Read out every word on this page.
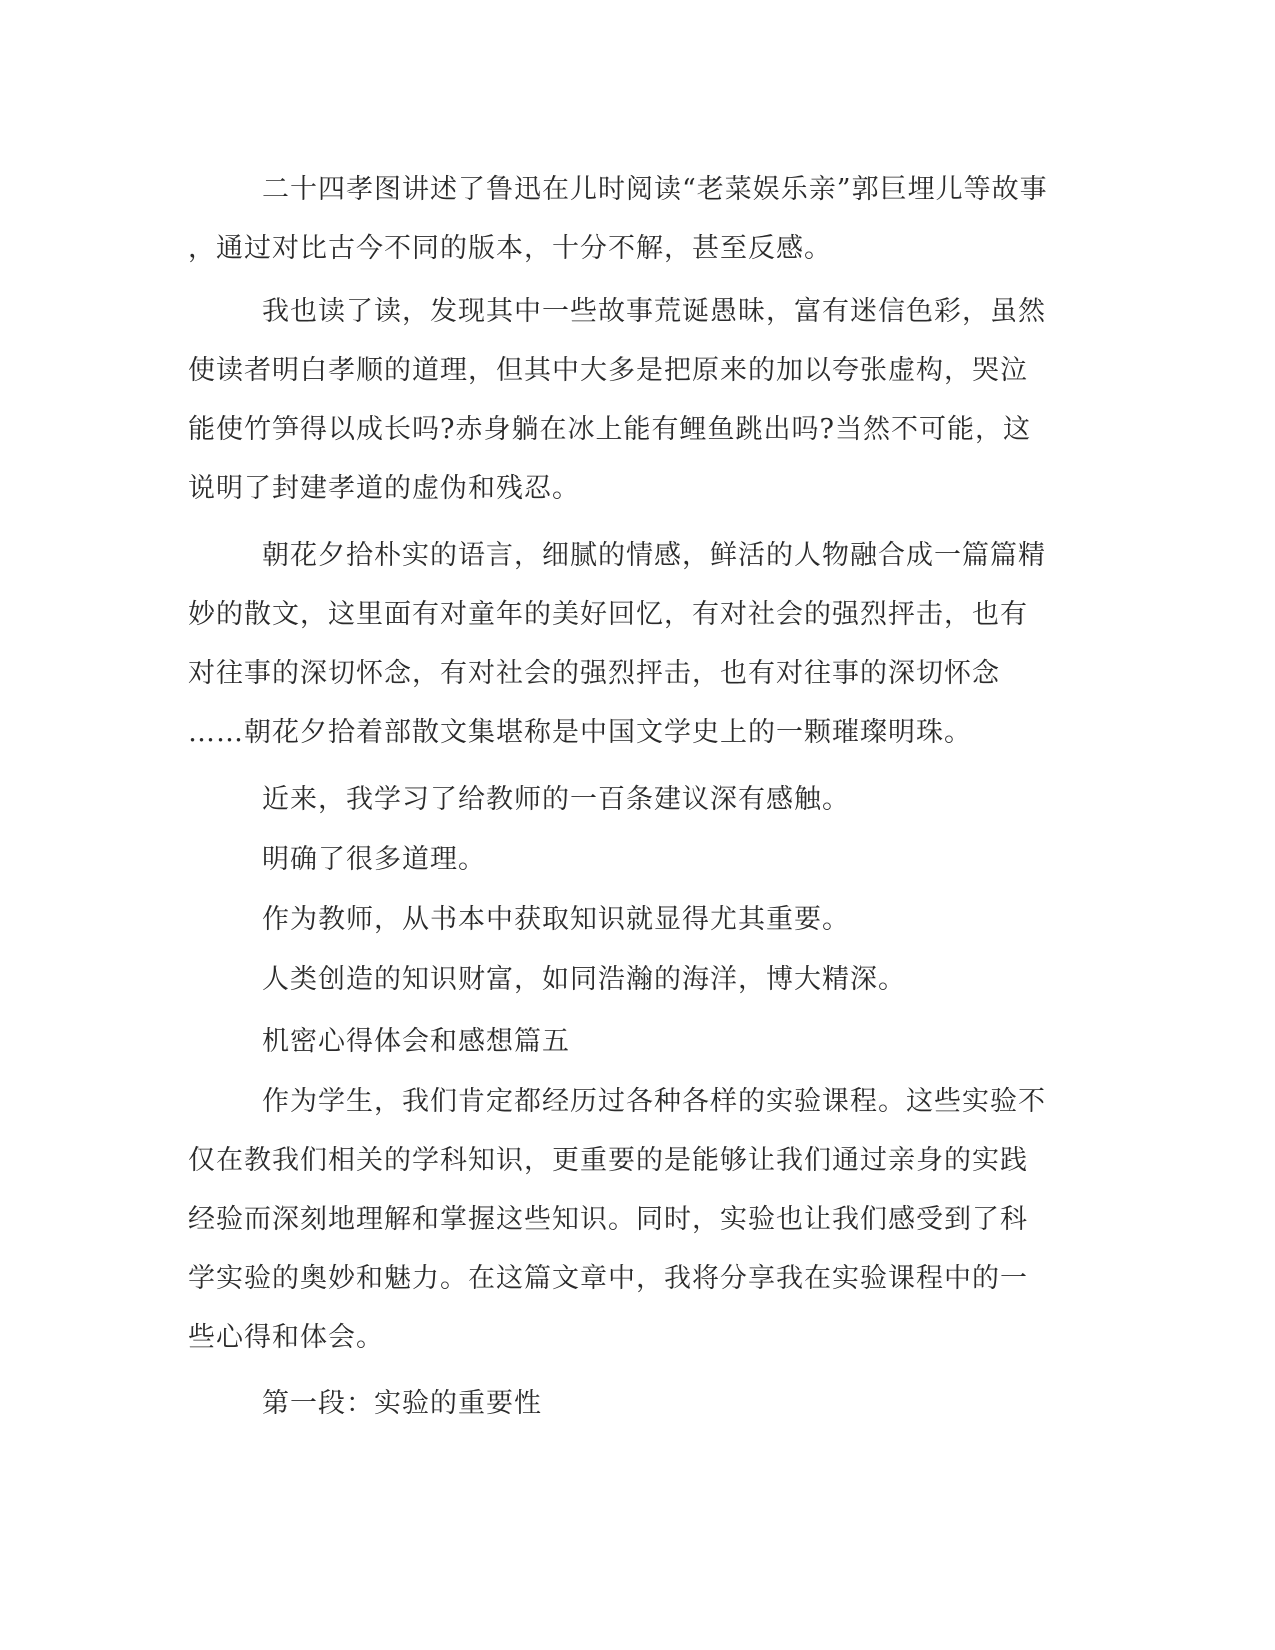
二十四孝图讲述了鲁迅在儿时阅读“老菜娱乐亲”郭巨埋儿等故事
，通过对比古今不同的版本，十分不解，甚至反感。
我也读了读，发现其中一些故事荒诞愚昧，富有迷信色彩，虽然
使读者明白孝顺的道理，但其中大多是把原来的加以夸张虚构，哭泣
能使竹笋得以成长吗?赤身躺在冰上能有鲤鱼跳出吗?当然不可能，这
说明了封建孝道的虚伪和残忍。
朝花夕拾朴实的语言，细腻的情感，鲜活的人物融合成一篇篇精
妙的散文，这里面有对童年的美好回忆，有对社会的强烈抨击，也有
对往事的深切怀念，有对社会的强烈抨击，也有对往事的深切怀念
……朝花夕拾着部散文集堪称是中国文学史上的一颗璀璨明珠。
近来，我学习了给教师的一百条建议深有感触。
明确了很多道理。
作为教师，从书本中获取知识就显得尤其重要。
人类创造的知识财富，如同浩瀚的海洋，博大精深。
机密心得体会和感想篇五
作为学生，我们肯定都经历过各种各样的实验课程。这些实验不
仅在教我们相关的学科知识，更重要的是能够让我们通过亲身的实践
经验而深刻地理解和掌握这些知识。同时，实验也让我们感受到了科
学实验的奥妙和魅力。在这篇文章中，我将分享我在实验课程中的一
些心得和体会。
第一段：实验的重要性
